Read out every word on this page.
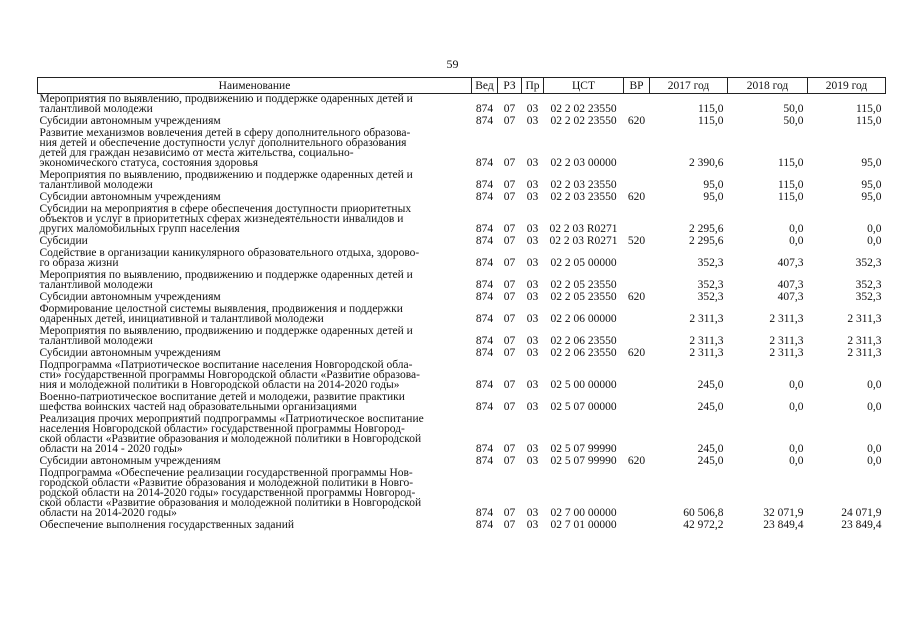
59
Наименование	Вед	РЗ	Пр	ЦСТ	ВР	2017 год	2018 год	2019 год

Мероприятия по выявлению, продвижению и поддержке одаренных детей и
талантливой молодежи	874	07	03	02 2 02 23550		115,0	50,0	115,0

Субсидии автономным учреждениям	874	07	03	02 2 02 23550	620	115,0	50,0	115,0

Развитие механизмов вовлечения детей в сферу дополнительного образова-
ния детей и обеспечение доступности услуг дополнительного образования
детей для граждан независимо от места жительства, социально-
экономического статуса, состояния здоровья	874	07	03	02 2 03 00000		2 390,6	115,0	95,0

Мероприятия по выявлению, продвижению и поддержке одаренных детей и
талантливой молодежи	874	07	03	02 2 03 23550		95,0	115,0	95,0

Субсидии автономным учреждениям	874	07	03	02 2 03 23550	620	95,0	115,0	95,0

Субсидии на мероприятия в сфере обеспечения доступности приоритетных
объектов и услуг в приоритетных сферах жизнедеятельности инвалидов и
других маломобильных групп населения	874	07	03	02 2 03 R0271		2 295,6	0,0	0,0

Субсидии	874	07	03	02 2 03 R0271	520	2 295,6	0,0	0,0

Содействие в организации каникулярного образовательного отдыха, здорово-
го образа жизни	874	07	03	02 2 05 00000		352,3	407,3	352,3

Мероприятия по выявлению, продвижению и поддержке одаренных детей и
талантливой молодежи	874	07	03	02 2 05 23550		352,3	407,3	352,3

Субсидии автономным учреждениям	874	07	03	02 2 05 23550	620	352,3	407,3	352,3

Формирование целостной системы выявления, продвижения и поддержки
одаренных детей, инициативной и талантливой молодежи	874	07	03	02 2 06 00000		2 311,3	2 311,3	2 311,3

Мероприятия по выявлению, продвижению и поддержке одаренных детей и
талантливой молодежи	874	07	03	02 2 06 23550		2 311,3	2 311,3	2 311,3

Субсидии автономным учреждениям	874	07	03	02 2 06 23550	620	2 311,3	2 311,3	2 311,3

Подпрограмма «Патриотическое воспитание населения Новгородской обла-
сти» государственной программы Новгородской области «Развитие образова-
ния и молодежной политики в Новгородской области на 2014-2020 годы»	874	07	03	02 5 00 00000		245,0	0,0	0,0

Военно-патриотическое воспитание детей и молодежи, развитие практики
шефства воинских частей над образовательными организациями	874	07	03	02 5 07 00000		245,0	0,0	0,0

Реализация прочих мероприятий подпрограммы «Патриотическое воспитание
населения Новгородской области» государственной программы Новгород-
ской области «Развитие образования и молодежной политики в Новгородской
области на 2014 - 2020 годы»	874	07	03	02 5 07 99990		245,0	0,0	0,0

Субсидии автономным учреждениям	874	07	03	02 5 07 99990	620	245,0	0,0	0,0

Подпрограмма «Обеспечение реализации государственной программы Нов-
городской области «Развитие образования и молодежной политики в Новго-
родской области на 2014-2020 годы» государственной программы Новгород-
ской области «Развитие образования и молодежной политики в Новгородской
области на 2014-2020 годы»	874	07	03	02 7 00 00000		60 506,8	32 071,9	24 071,9

Обеспечение выполнения государственных заданий	874	07	03	02 7 01 00000		42 972,2	23 849,4	23 849,4
